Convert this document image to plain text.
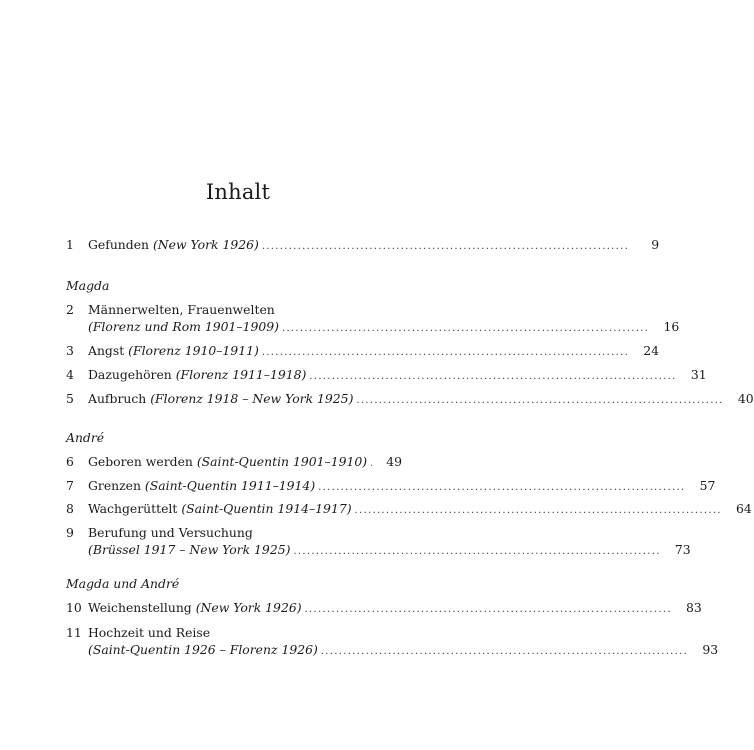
Inhalt
1	Gefunden (New York 1926) ..................................................................................	9
Magda
2	Männerwelten, Frauenwelten
(Florenz und Rom 1901–1909) ..................................................................................	16
3	Angst (Florenz 1910–1911) ..................................................................................	24
4	Dazugehören (Florenz 1911–1918) ..................................................................................	31
5	Aufbruch (Florenz 1918 – New York 1925) ..................................................................................	40
André
6	Geboren werden (Saint-Quentin 1901–1910)	49
7	Grenzen (Saint-Quentin 1911–1914) ..................................................................................	57
8	Wachgerüttelt (Saint-Quentin 1914–1917) ..................................................................................	64
9	Berufung und Versuchung
(Brüssel 1917 – New York 1925) ..................................................................................	73
Magda und André
10 Weichenstellung (New York 1926) ..................................................................................	83
11 Hochzeit und Reise
(Saint-Quentin 1926 – Florenz 1926) ..................................................................................	93
